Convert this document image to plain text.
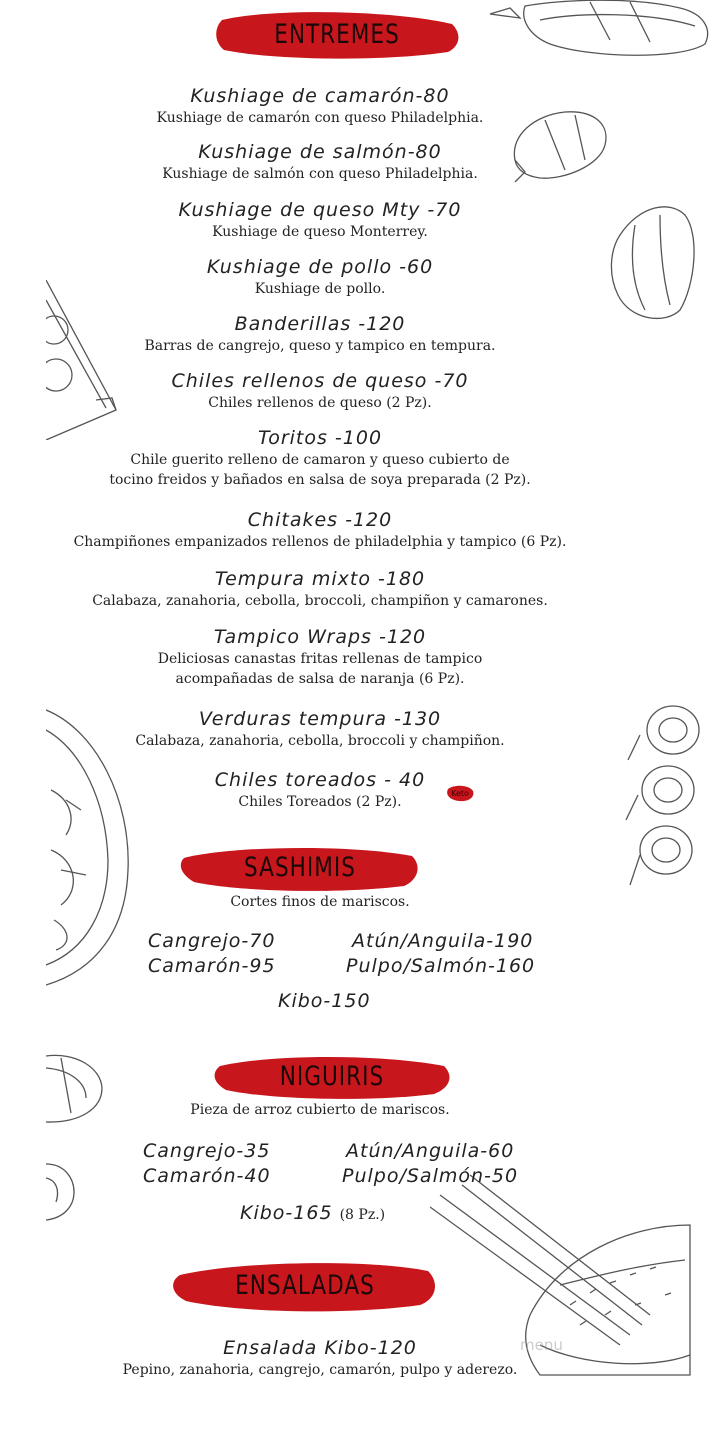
ENTREMES
Kushiage de camarón-80
Kushiage de camarón con queso Philadelphia.
Kushiage de salmón-80
Kushiage de salmón con queso Philadelphia.
Kushiage de queso Mty -70
Kushiage de queso Monterrey.
Kushiage de pollo -60
Kushiage de pollo.
Banderillas -120
Barras de cangrejo, queso y tampico en tempura.
Chiles rellenos de queso -70
Chiles rellenos de queso (2 Pz).
Toritos -100
Chile guerito relleno de camaron y queso cubierto de
tocino freidos y bañados en salsa de soya preparada (2 Pz).
Chitakes -120
Champiñones empanizados rellenos de philadelphia y tampico (6 Pz).
Tempura mixto -180
Calabaza, zanahoria, cebolla, broccoli, champiñon y camarones.
Tampico Wraps -120
Deliciosas canastas fritas rellenas de tampico
acompañadas de salsa de naranja (6 Pz).
Verduras tempura -130
Calabaza, zanahoria, cebolla, broccoli y champiñon.
Chiles toreados - 40
Chiles Toreados (2 Pz).
Keto
SASHIMIS
Cortes finos de mariscos.
Cangrejo-70
Camarón-95
Atún/Anguila-190
Pulpo/Salmón-160
Kibo-150
NIGUIRIS
Pieza de arroz cubierto de mariscos.
Cangrejo-35
Camarón-40
Atún/Anguila-60
Pulpo/Salmón-50
Kibo-165 (8 Pz.)
ENSALADAS
Ensalada Kibo-120
Pepino, zanahoria, cangrejo, camarón, pulpo y aderezo.
menu
